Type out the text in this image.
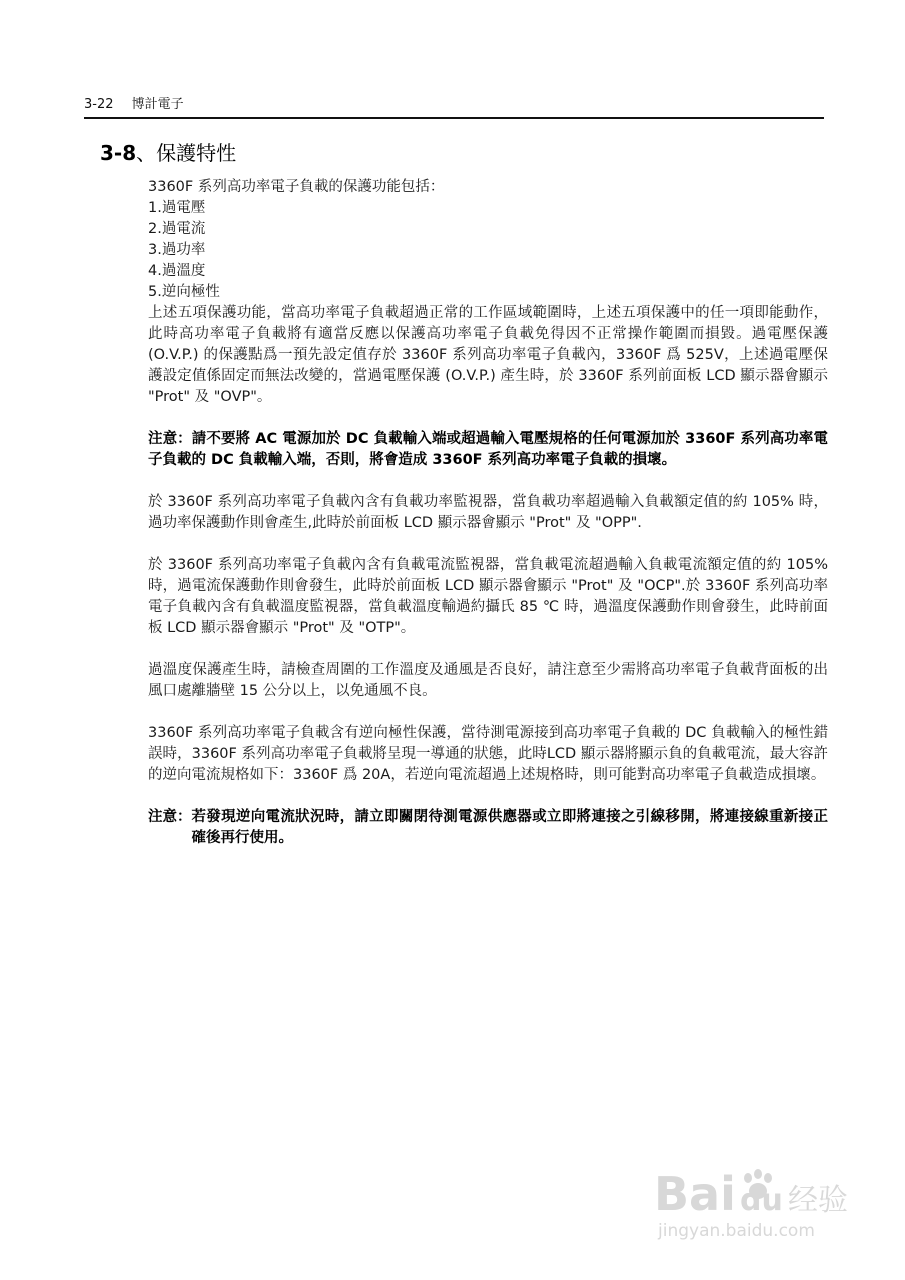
3-22 博計電子
3-8、保護特性

3360F 系列高功率電子負載的保護功能包括：

1.過電壓
2.過電流
3.過功率
4.過溫度
5.逆向極性

上述五項保護功能，當高功率電子負載超過正常的工作區域範圍時，上述五項保護中的任一項即能動作，此時高功率電子負載將有適當反應以保護高功率電子負載免得因不正常操作範圍而損毀。過電壓保護 (O.V.P.) 的保護點爲一預先設定值存於 3360F 系列高功率電子負載內，3360F 爲 525V，上述過電壓保護設定值係固定而無法改變的，當過電壓保護 (O.V.P.) 產生時，於 3360F 系列前面板 LCD 顯示器會顯示 "Prot" 及 "OVP"。

注意：請不要將 AC 電源加於 DC 負載輸入端或超過輸入電壓規格的任何電源加於 3360F 系列高功率電子負載的 DC 負載輸入端，否則，將會造成 3360F 系列高功率電子負載的損壞。

於 3360F 系列高功率電子負載內含有負載功率監視器，當負載功率超過輸入負載額定值的約 105% 時，過功率保護動作則會產生,此時於前面板 LCD 顯示器會顯示 "Prot" 及 "OPP".

於 3360F 系列高功率電子負載內含有負載電流監視器，當負載電流超過輸入負載電流額定值的約 105% 時，過電流保護動作則會發生，此時於前面板 LCD 顯示器會顯示 "Prot" 及 "OCP".於 3360F 系列高功率電子負載內含有負載溫度監視器，當負載溫度輸過約攝氏 85 ℃ 時，過溫度保護動作則會發生，此時前面板 LCD 顯示器會顯示 "Prot" 及 "OTP"。

過溫度保護產生時，請檢查周圍的工作溫度及通風是否良好，請注意至少需將高功率電子負載背面板的出風口處離牆壁 15 公分以上，以免通風不良。

3360F 系列高功率電子負載含有逆向極性保護，當待測電源接到高功率電子負載的 DC 負載輸入的極性錯誤時，3360F 系列高功率電子負載將呈現一導通的狀態，此時LCD 顯示器將顯示負的負載電流，最大容許的逆向電流規格如下：3360F 爲 20A，若逆向電流超過上述規格時，則可能對高功率電子負載造成損壞。

注意： 若發現逆向電流狀況時，請立即關閉待測電源供應器或立即將連接之引線移開，將連接線重新接正確後再行使用。
Bai du 经验
jingyan.baidu.com
